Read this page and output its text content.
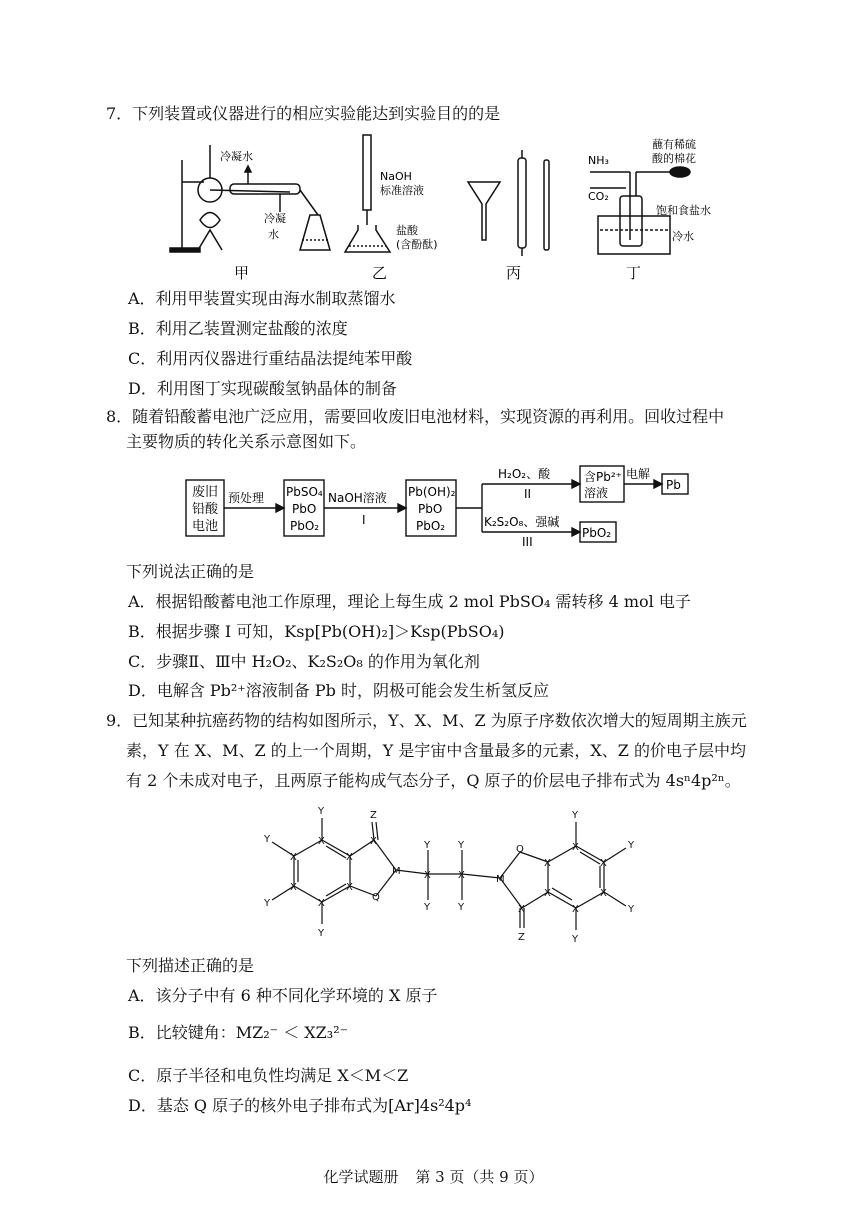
7．下列装置或仪器进行的相应实验能达到实验目的的是
冷凝水
冷凝
水
甲
NaOH
标准溶液
盐酸
(含酚酞)
乙	丙
NH₃
CO₂
蘸有稀硫
酸的棉花
饱和食盐水
冷水
丁
A．利用甲装置实现由海水制取蒸馏水
B．利用乙装置测定盐酸的浓度
C．利用丙仪器进行重结晶法提纯苯甲酸
D．利用图丁实现碳酸氢钠晶体的制备
8．随着铅酸蓄电池广泛应用，需要回收废旧电池材料，实现资源的再利用。回收过程中
主要物质的转化关系示意图如下。
废旧
铅酸
电池
预处理 PbSO₄
PbO
PbO₂
NaOH溶液
I
Pb(OH)₂
PbO
PbO₂
H₂O₂、酸
II
含Pb²⁺
溶液
电解
Pb
K₂S₂O₈、强碱
III
PbO₂
下列说法正确的是
A．根据铅酸蓄电池工作原理，理论上每生成 2 mol PbSO₄ 需转移 4 mol 电子
B．根据步骤 I 可知，Ksp[Pb(OH)₂]＞Ksp(PbSO₄)
C．步骤Ⅱ、Ⅲ中 H₂O₂、K₂S₂O₈ 的作用为氧化剂
D．电解含 Pb²⁺溶液制备 Pb 时，阴极可能会发生析氢反应
9．已知某种抗癌药物的结构如图所示，Y、X、M、Z 为原子序数依次增大的短周期主族元
素，Y 在 X、M、Z 的上一个周期，Y 是宇宙中含量最多的元素，X、Z 的价电子层中均
有 2 个未成对电子，且两原子能构成气态分子，Q 原子的价层电子排布式为 4sⁿ4p²ⁿ。
Y
Y
Y
Y
X
X
X
X
X
X
X
Z
M
Q
X
Y
Y
X
Y
Y
M
Q
X
Z
X
X
X
X
X
X
Y
Y
Y
Y
下列描述正确的是
A．该分子中有 6 种不同化学环境的 X 原子
B．比较键角：MZ₂⁻ ＜ XZ₃²⁻
C．原子半径和电负性均满足 X＜M＜Z
D．基态 Q 原子的核外电子排布式为[Ar]4s²4p⁴
化学试题册 第 3 页（共 9 页）
